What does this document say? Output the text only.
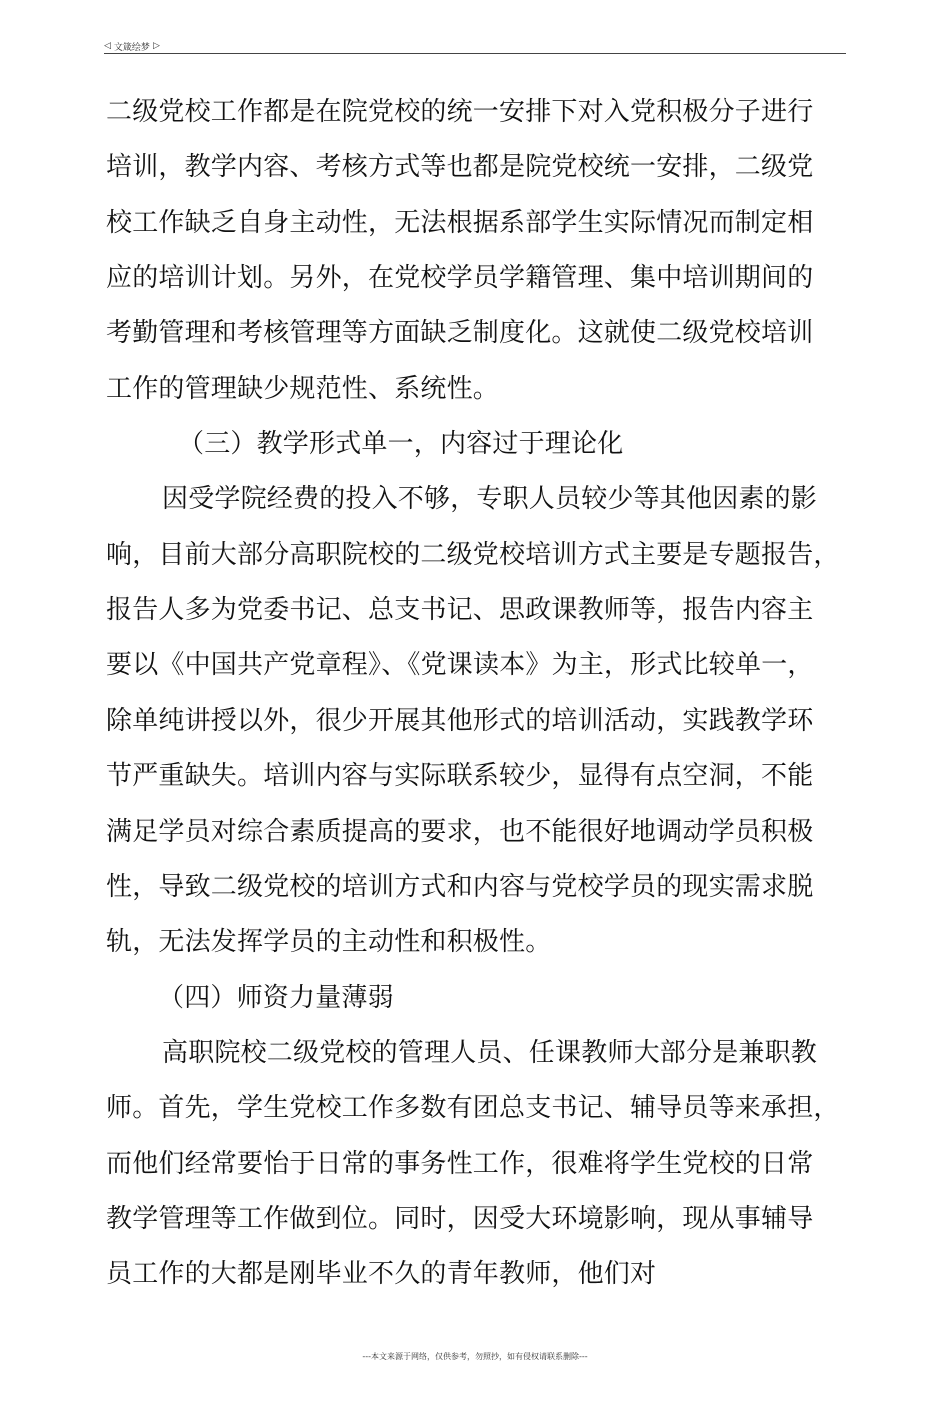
◁ 文箴绘梦 ▷
二级党校工作都是在院党校的统一安排下对入党积极分子进行
培训，教学内容、考核方式等也都是院党校统一安排，二级党
校工作缺乏自身主动性，无法根据系部学生实际情况而制定相
应的培训计划。另外，在党校学员学籍管理、集中培训期间的
考勤管理和考核管理等方面缺乏制度化。这就使二级党校培训
工作的管理缺少规范性、系统性。
（三）教学形式单一，内容过于理论化
因受学院经费的投入不够，专职人员较少等其他因素的影
响，目前大部分高职院校的二级党校培训方式主要是专题报告，
报告人多为党委书记、总支书记、思政课教师等，报告内容主
要以《中国共产党章程》、《党课读本》为主，形式比较单一，
除单纯讲授以外，很少开展其他形式的培训活动，实践教学环
节严重缺失。培训内容与实际联系较少，显得有点空洞，不能
满足学员对综合素质提高的要求，也不能很好地调动学员积极
性，导致二级党校的培训方式和内容与党校学员的现实需求脱
轨，无法发挥学员的主动性和积极性。
（四）师资力量薄弱
高职院校二级党校的管理人员、任课教师大部分是兼职教
师。首先，学生党校工作多数有团总支书记、辅导员等来承担，
而他们经常要怡于日常的事务性工作，很难将学生党校的日常
教学管理等工作做到位。同时，因受大环境影响，现从事辅导
员工作的大都是刚毕业不久的青年教师，他们对
---本文来源于网络，仅供参考，勿照抄，如有侵权请联系删除---
